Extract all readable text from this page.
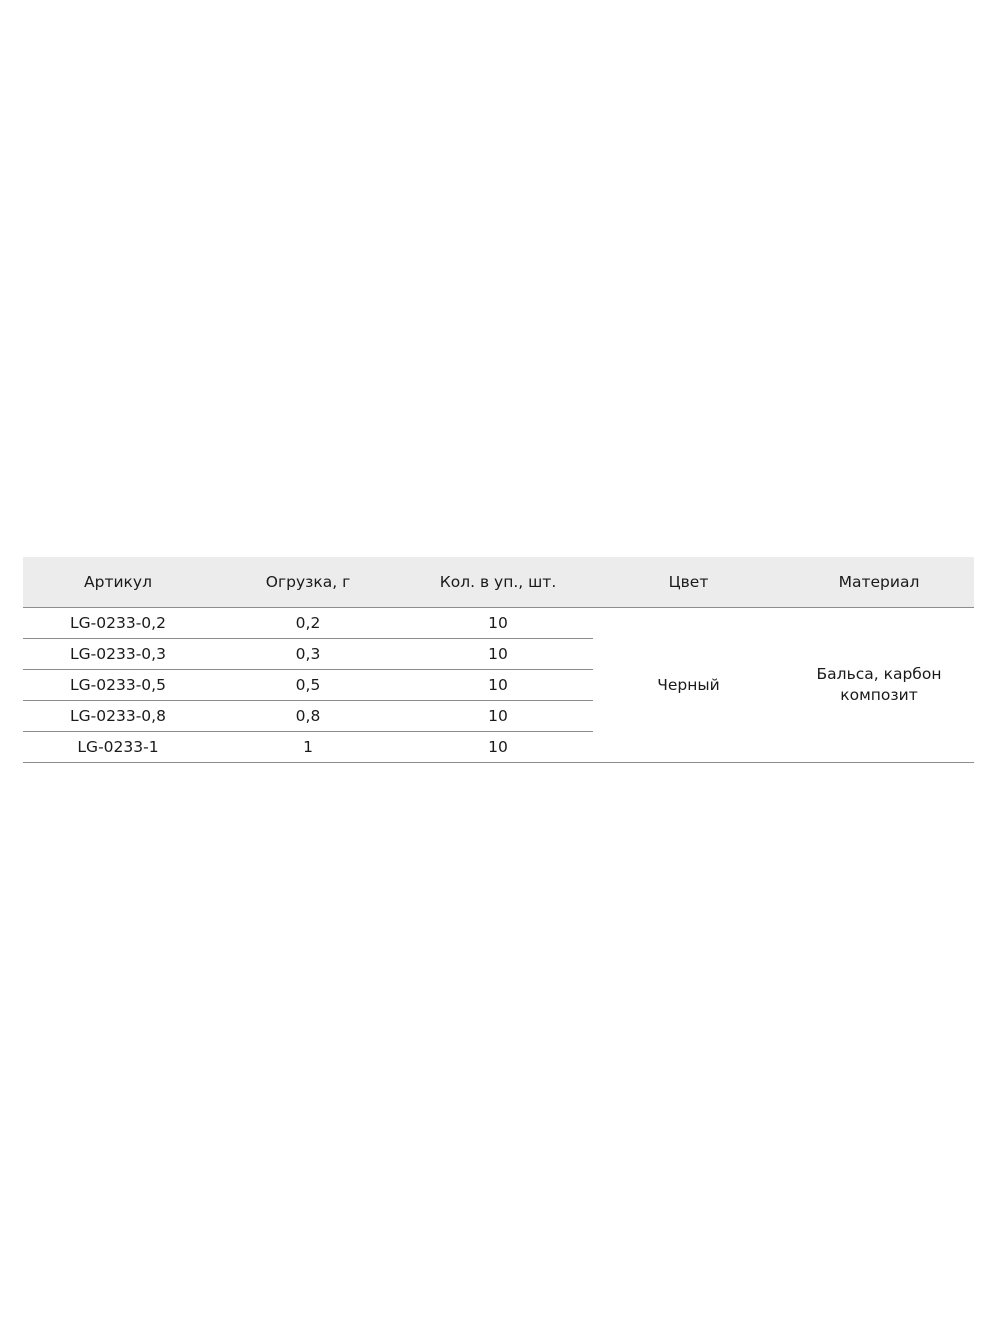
Артикул	Огрузка, г	Кол. в уп., шт.	Цвет	Материал
LG-0233-0,2	0,2	10	Черный	Бальса, карбон
композит
LG-0233-0,3	0,3	10		
LG-0233-0,5	0,5	10		
LG-0233-0,8	0,8	10		
LG-0233-1	1	10		
